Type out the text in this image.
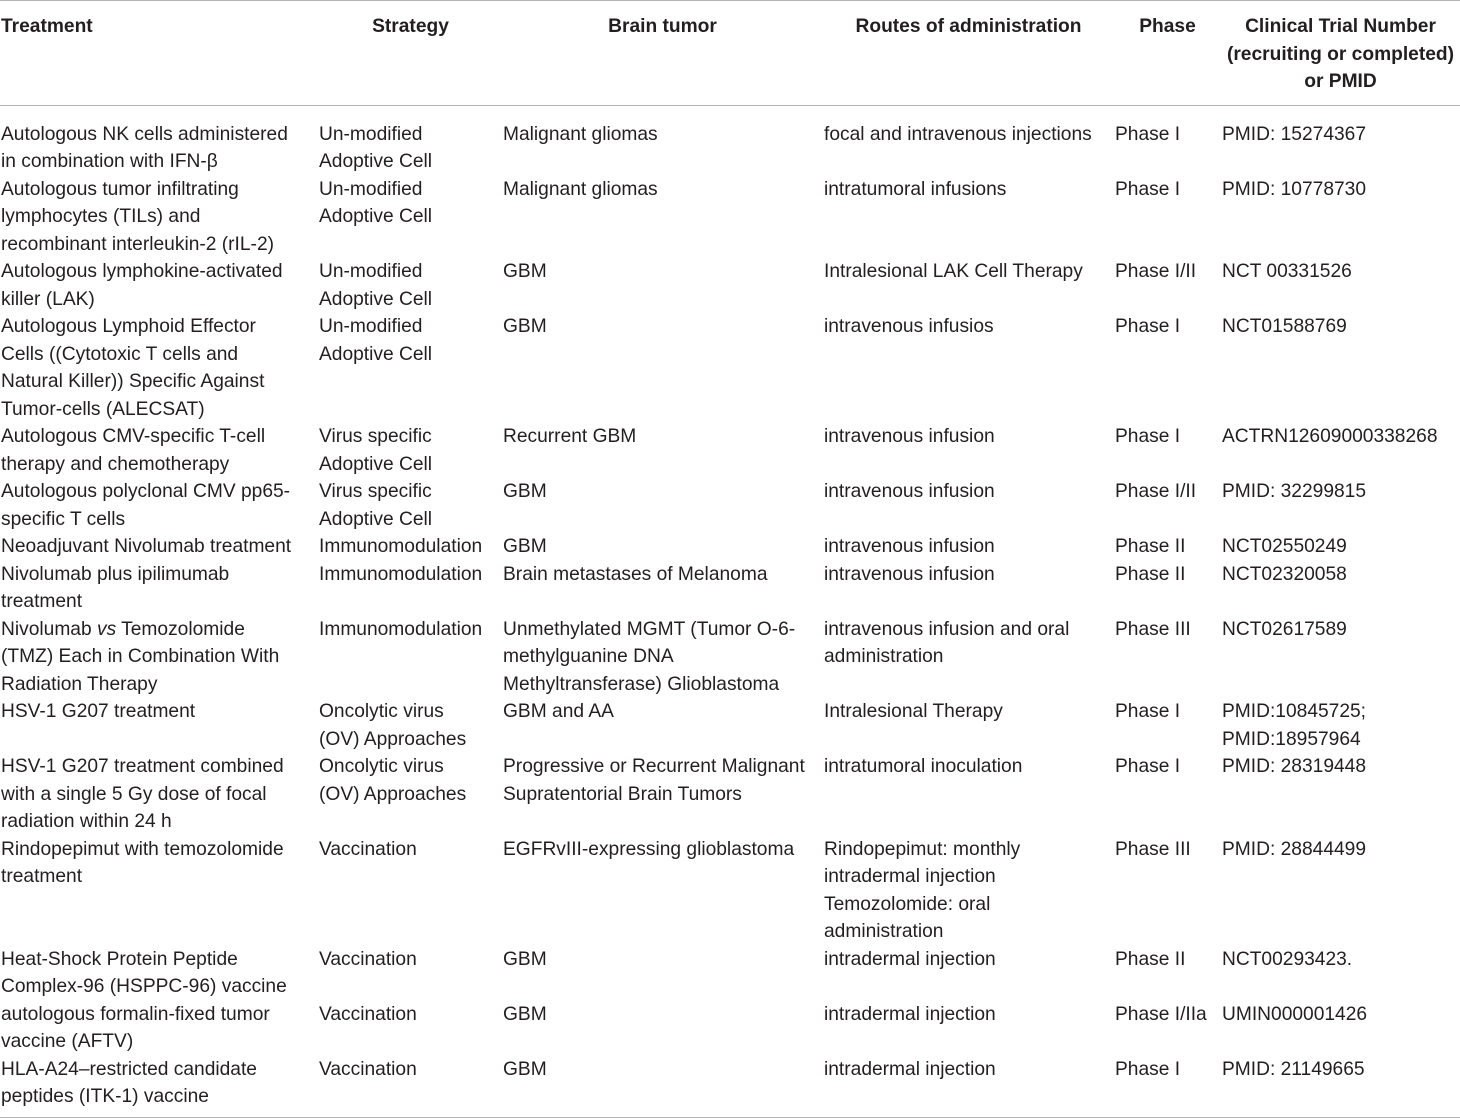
Treatment	Strategy	Brain tumor	Routes of administration	Phase	Clinical Trial Number
(recruiting or completed)
or PMID

Autologous NK cells administered
in combination with IFN-β	Un-modified
Adoptive Cell	Malignant gliomas	focal and intravenous injections	Phase I	PMID: 15274367

Autologous tumor infiltrating
lymphocytes (TILs) and
recombinant interleukin-2 (rIL-2)	Un-modified
Adoptive Cell	Malignant gliomas	intratumoral infusions	Phase I	PMID: 10778730

Autologous lymphokine-activated
killer (LAK)	Un-modified
Adoptive Cell	GBM	Intralesional LAK Cell Therapy	Phase I/II	NCT 00331526

Autologous Lymphoid Effector
Cells ((Cytotoxic T cells and
Natural Killer)) Specific Against
Tumor-cells (ALECSAT)	Un-modified
Adoptive Cell	GBM	intravenous infusios	Phase I	NCT01588769

Autologous CMV-specific T-cell
therapy and chemotherapy	Virus specific
Adoptive Cell	Recurrent GBM	intravenous infusion	Phase I	ACTRN12609000338268

Autologous polyclonal CMV pp65-
specific T cells	Virus specific
Adoptive Cell	GBM	intravenous infusion	Phase I/II	PMID: 32299815

Neoadjuvant Nivolumab treatment	Immunomodulation	GBM	intravenous infusion	Phase II	NCT02550249

Nivolumab plus ipilimumab
treatment	Immunomodulation	Brain metastases of Melanoma	intravenous infusion	Phase II	NCT02320058

Nivolumab vs Temozolomide
(TMZ) Each in Combination With
Radiation Therapy	Immunomodulation	Unmethylated MGMT (Tumor O-6-
methylguanine DNA
Methyltransferase) Glioblastoma	intravenous infusion and oral
administration	Phase III	NCT02617589

HSV-1 G207 treatment	Oncolytic virus
(OV) Approaches	GBM and AA	Intralesional Therapy	Phase I	PMID:10845725;
PMID:18957964

HSV-1 G207 treatment combined
with a single 5 Gy dose of focal
radiation within 24 h	Oncolytic virus
(OV) Approaches	Progressive or Recurrent Malignant
Supratentorial Brain Tumors	intratumoral inoculation	Phase I	PMID: 28319448

Rindopepimut with temozolomide
treatment	Vaccination	EGFRvIII-expressing glioblastoma	Rindopepimut: monthly
intradermal injection
Temozolomide: oral
administration	Phase III	PMID: 28844499

Heat-Shock Protein Peptide
Complex-96 (HSPPC-96) vaccine	Vaccination	GBM	intradermal injection	Phase II	NCT00293423.

autologous formalin-fixed tumor
vaccine (AFTV)	Vaccination	GBM	intradermal injection	Phase I/IIa	UMIN000001426

HLA-A24–restricted candidate
peptides (ITK-1) vaccine	Vaccination	GBM	intradermal injection	Phase I	PMID: 21149665
